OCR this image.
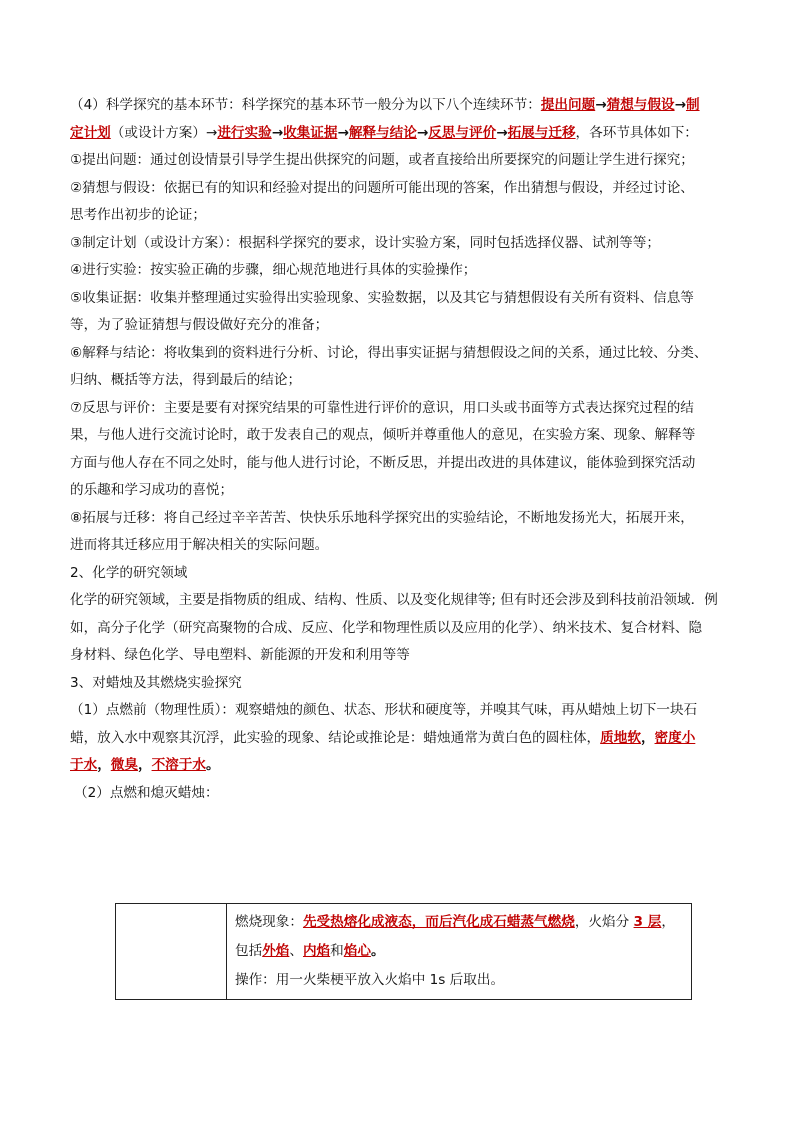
（4）科学探究的基本环节：科学探究的基本环节一般分为以下八个连续环节：提出问题→猜想与假设→制
定计划（或设计方案）→进行实验→收集证据→解释与结论→反思与评价→拓展与迁移，各环节具体如下：
①提出问题：通过创设情景引导学生提出供探究的问题，或者直接给出所要探究的问题让学生进行探究；
②猜想与假设：依据已有的知识和经验对提出的问题所可能出现的答案，作出猜想与假设，并经过讨论、
思考作出初步的论证；
③制定计划（或设计方案）：根据科学探究的要求，设计实验方案，同时包括选择仪器、试剂等等；
④进行实验：按实验正确的步骤，细心规范地进行具体的实验操作；
⑤收集证据：收集并整理通过实验得出实验现象、实验数据，以及其它与猜想假设有关所有资料、信息等
等，为了验证猜想与假设做好充分的准备；
⑥解释与结论：将收集到的资料进行分析、讨论，得出事实证据与猜想假设之间的关系，通过比较、分类、
归纳、概括等方法，得到最后的结论；
⑦反思与评价：主要是要有对探究结果的可靠性进行评价的意识，用口头或书面等方式表达探究过程的结
果，与他人进行交流讨论时，敢于发表自己的观点，倾听并尊重他人的意见，在实验方案、现象、解释等
方面与他人存在不同之处时，能与他人进行讨论，不断反思，并提出改进的具体建议，能体验到探究活动
的乐趣和学习成功的喜悦；
⑧拓展与迁移：将自己经过辛辛苦苦、快快乐乐地科学探究出的实验结论，不断地发扬光大，拓展开来，
进而将其迁移应用于解决相关的实际问题。
2、化学的研究领域
化学的研究领域，主要是指物质的组成、结构、性质、以及变化规律等; 但有时还会涉及到科技前沿领域．例
如，高分子化学（研究高聚物的合成、反应、化学和物理性质以及应用的化学）、纳米技术、复合材料、隐
身材料、绿色化学、导电塑料、新能源的开发和利用等等
3、对蜡烛及其燃烧实验探究
（1）点燃前（物理性质）：观察蜡烛的颜色、状态、形状和硬度等，并嗅其气味，再从蜡烛上切下一块石
蜡，放入水中观察其沉浮，此实验的现象、结论或推论是：蜡烛通常为黄白色的圆柱体，质地软，密度小
于水，微臭，不溶于水。
（2）点燃和熄灭蜡烛：

燃烧现象：先受热熔化成液态，而后汽化成石蜡蒸气燃烧，火焰分 3 层，
包括外焰、内焰和焰心。
操作：用一火柴梗平放入火焰中 1s 后取出。
